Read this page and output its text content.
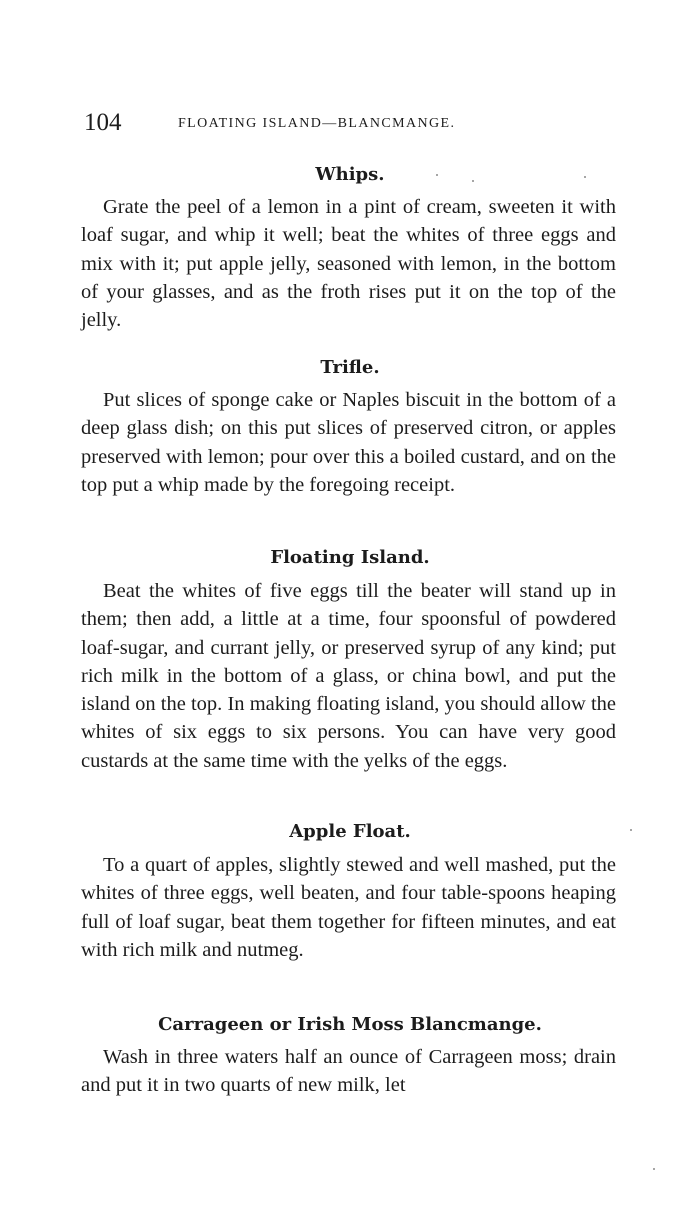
104	FLOATING ISLAND—BLANCMANGE.
Whips.

Grate the peel of a lemon in a pint of cream, sweeten it with loaf sugar, and whip it well; beat the whites of three eggs and mix with it; put apple jelly, seasoned with lemon, in the bottom of your glasses, and as the froth rises put it on the top of the jelly.

Trifle.

Put slices of sponge cake or Naples biscuit in the bottom of a deep glass dish; on this put slices of preserved citron, or apples preserved with lemon; pour over this a boiled custard, and on the top put a whip made by the foregoing receipt.

Floating Island.

Beat the whites of five eggs till the beater will stand up in them; then add, a little at a time, four spoonsful of powdered loaf-sugar, and currant jelly, or preserved syrup of any kind; put rich milk in the bottom of a glass, or china bowl, and put the island on the top. In making floating island, you should allow the whites of six eggs to six persons. You can have very good custards at the same time with the yelks of the eggs.

Apple Float.

To a quart of apples, slightly stewed and well mashed, put the whites of three eggs, well beaten, and four table-spoons heaping full of loaf sugar, beat them together for fifteen minutes, and eat with rich milk and nutmeg.

Carrageen or Irish Moss Blancmange.

Wash in three waters half an ounce of Carrageen moss; drain and put it in two quarts of new milk, let
